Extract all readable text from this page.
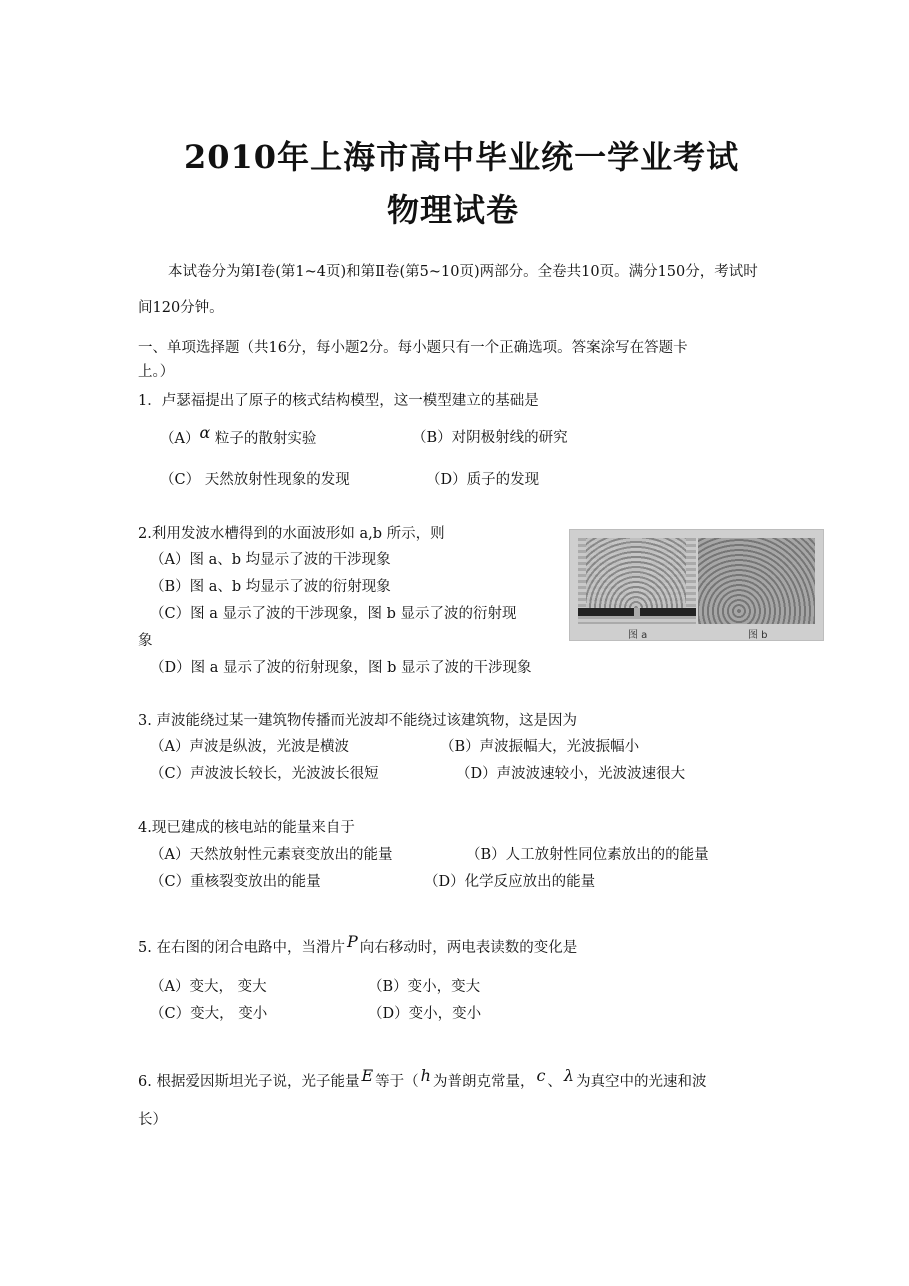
2010年上海市高中毕业统一学业考试
物理试卷
本试卷分为第Ⅰ卷(第1~4页)和第Ⅱ卷(第5~10页)两部分。全卷共10页。满分150分，考试时
间120分钟。
一、单项选择题（共16分，每小题2分。每小题只有一个正确选项。答案涂写在答题卡
上。）
1．卢瑟福提出了原子的核式结构模型，这一模型建立的基础是
（A）α 粒子的散射实验	（B）对阴极射线的研究
（C） 天然放射性现象的发现	（D）质子的发现
2.利用发波水槽得到的水面波形如 a,b 所示，则
（A）图 a、b 均显示了波的干涉现象
（B）图 a、b 均显示了波的衍射现象
（C）图 a 显示了波的干涉现象，图 b 显示了波的衍射现
象
（D）图 a 显示了波的衍射现象，图 b 显示了波的干涉现象
图 a	图 b
3. 声波能绕过某一建筑物传播而光波却不能绕过该建筑物，这是因为
（A）声波是纵波，光波是横波	（B）声波振幅大，光波振幅小
（C）声波波长较长，光波波长很短	（D）声波波速较小，光波波速很大
4.现已建成的核电站的能量来自于
（A）天然放射性元素衰变放出的能量	（B）人工放射性同位素放出的的能量
（C）重核裂变放出的能量	（D）化学反应放出的能量
5. 在右图的闭合电路中，当滑片 P 向右移动时，两电表读数的变化是
（A）变大， 变大	（B）变小，变大
（C）变大， 变小	（D）变小，变小
6. 根据爱因斯坦光子说，光子能量 E 等于（ h 为普朗克常量， c 、 λ 为真空中的光速和波
长）
